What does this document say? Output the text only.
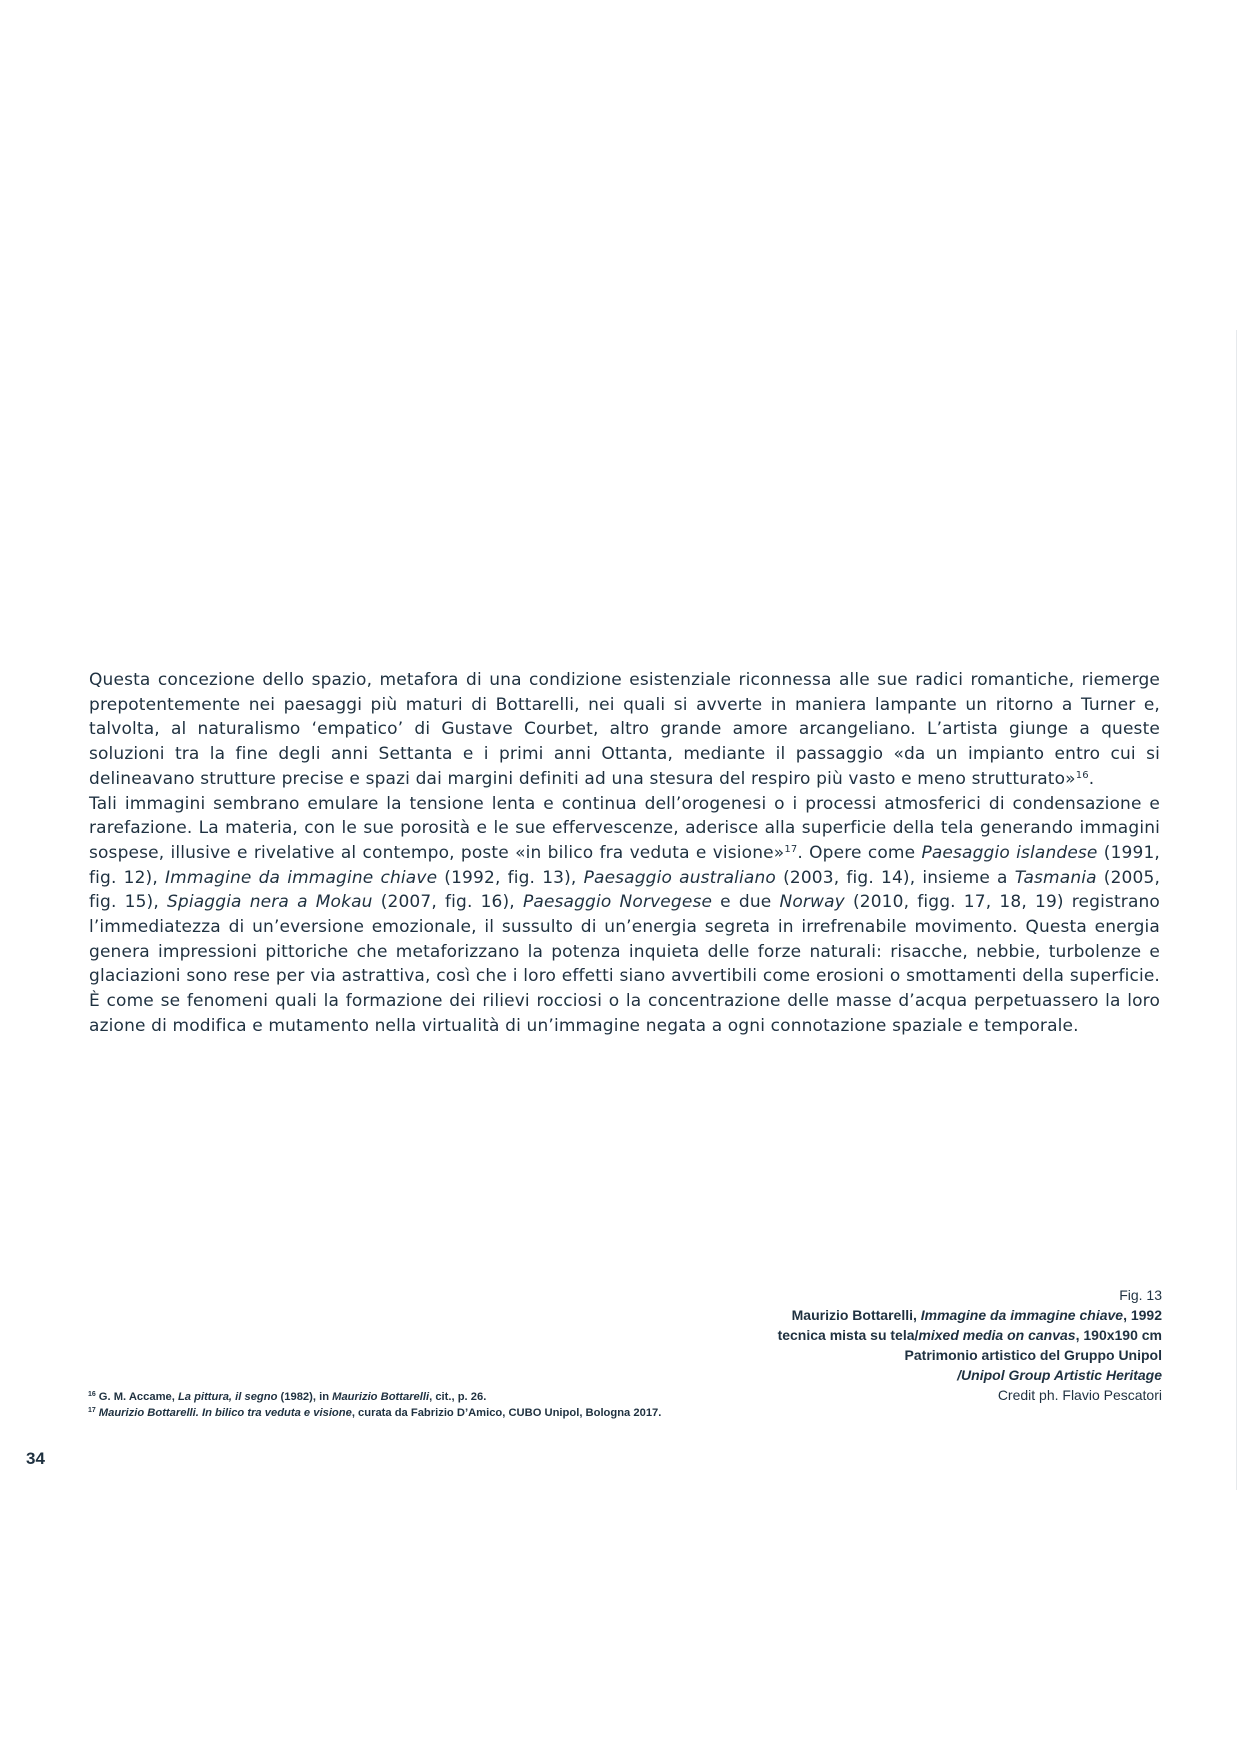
Questa concezione dello spazio, metafora di una condizione esistenziale riconnessa alle sue radici romantiche, riemerge prepotentemente nei paesaggi più maturi di Bottarelli, nei quali si avverte in maniera lampante un ritorno a Turner e, talvolta, al naturalismo ‘empatico’ di Gustave Courbet, altro grande amore arcangeliano. L’artista giunge a queste soluzioni tra la fine degli anni Settanta e i primi anni Ottanta, mediante il passaggio «da un impianto entro cui si delineavano strutture precise e spazi dai margini definiti ad una stesura del respiro più vasto e meno strutturato»$^{16}$.

Tali immagini sembrano emulare la tensione lenta e continua dell’orogenesi o i processi atmosferici di condensazione e rarefazione. La materia, con le sue porosità e le sue effervescenze, aderisce alla superficie della tela generando immagini sospese, illusive e rivelative al contempo, poste «in bilico fra veduta e visione»$^{17}$. Opere come Paesaggio islandese (1991, fig. 12), Immagine da immagine chiave (1992, fig. 13), Paesaggio australiano (2003, fig. 14), insieme a Tasmania (2005, fig. 15), Spiaggia nera a Mokau (2007, fig. 16), Paesaggio Norvegese e due Norway (2010, figg. 17, 18, 19) registrano l’immediatezza di un’eversione emozionale, il sussulto di un’energia segreta in irrefrenabile movimento. Questa energia genera impressioni pittoriche che metaforizzano la potenza inquieta delle forze naturali: risacche, nebbie, turbolenze e glaciazioni sono rese per via astrattiva, così che i loro effetti siano avvertibili come erosioni o smottamenti della superficie. È come se fenomeni quali la formazione dei rilievi rocciosi o la concentrazione delle masse d’acqua perpetuassero la loro azione di modifica e mutamento nella virtualità di un’immagine negata a ogni connotazione spaziale e temporale.

Fig. 13
Maurizio Bottarelli, Immagine da immagine chiave, 1992
tecnica mista su tela/mixed media on canvas, 190x190 cm
Patrimonio artistico del Gruppo Unipol
/Unipol Group Artistic Heritage
Credit ph. Flavio Pescatori
$^{16}$ G. M. Accame, La pittura, il segno (1982), in Maurizio Bottarelli, cit., p. 26.
$^{17}$ Maurizio Bottarelli. In bilico tra veduta e visione, curata da Fabrizio D’Amico, CUBO Unipol, Bologna 2017.
34
